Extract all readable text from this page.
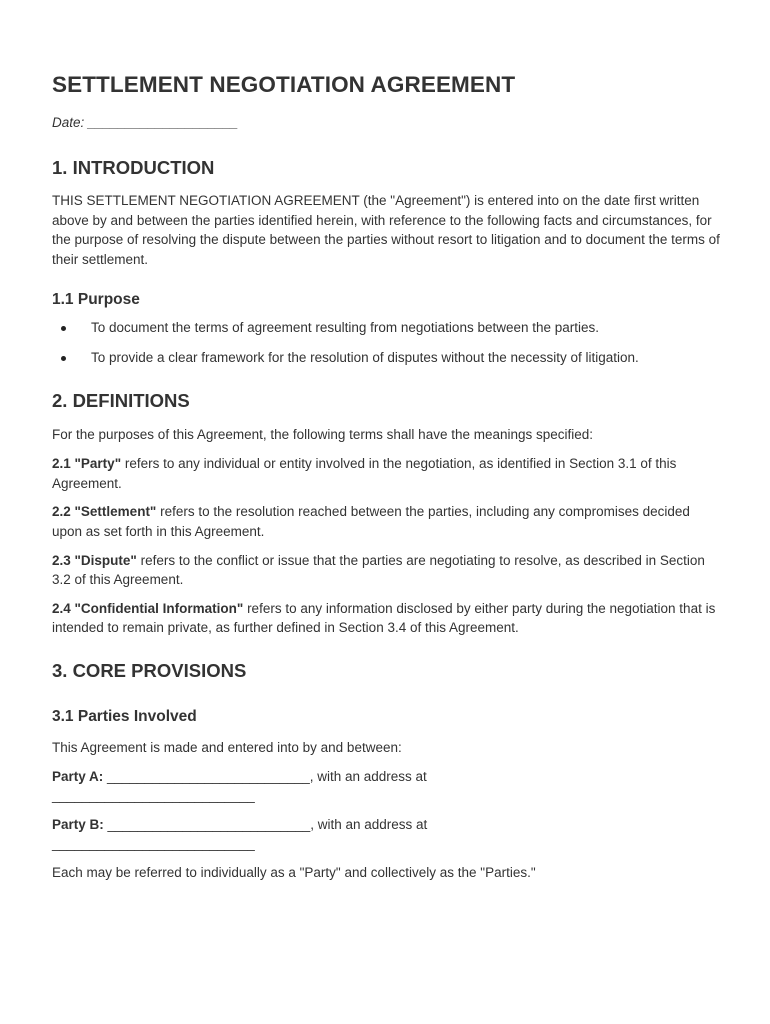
SETTLEMENT NEGOTIATION AGREEMENT
Date: ____________________
1. INTRODUCTION

THIS SETTLEMENT NEGOTIATION AGREEMENT (the "Agreement") is entered into on the date first written above by and between the parties identified herein, with reference to the following facts and circumstances, for the purpose of resolving the dispute between the parties without resort to litigation and to document the terms of their settlement.

1.1 Purpose
To document the terms of agreement resulting from negotiations between the parties.
To provide a clear framework for the resolution of disputes without the necessity of litigation.
2. DEFINITIONS

For the purposes of this Agreement, the following terms shall have the meanings specified:

2.1 "Party" refers to any individual or entity involved in the negotiation, as identified in Section 3.1 of this Agreement.

2.2 "Settlement" refers to the resolution reached between the parties, including any compromises decided upon as set forth in this Agreement.

2.3 "Dispute" refers to the conflict or issue that the parties are negotiating to resolve, as described in Section 3.2 of this Agreement.

2.4 "Confidential Information" refers to any information disclosed by either party during the negotiation that is intended to remain private, as further defined in Section 3.4 of this Agreement.

3. CORE PROVISIONS
3.1 Parties Involved

This Agreement is made and entered into by and between:

Party A: ___________________________, with an address at ___________________________

Party B: ___________________________, with an address at ___________________________

Each may be referred to individually as a "Party" and collectively as the "Parties."
